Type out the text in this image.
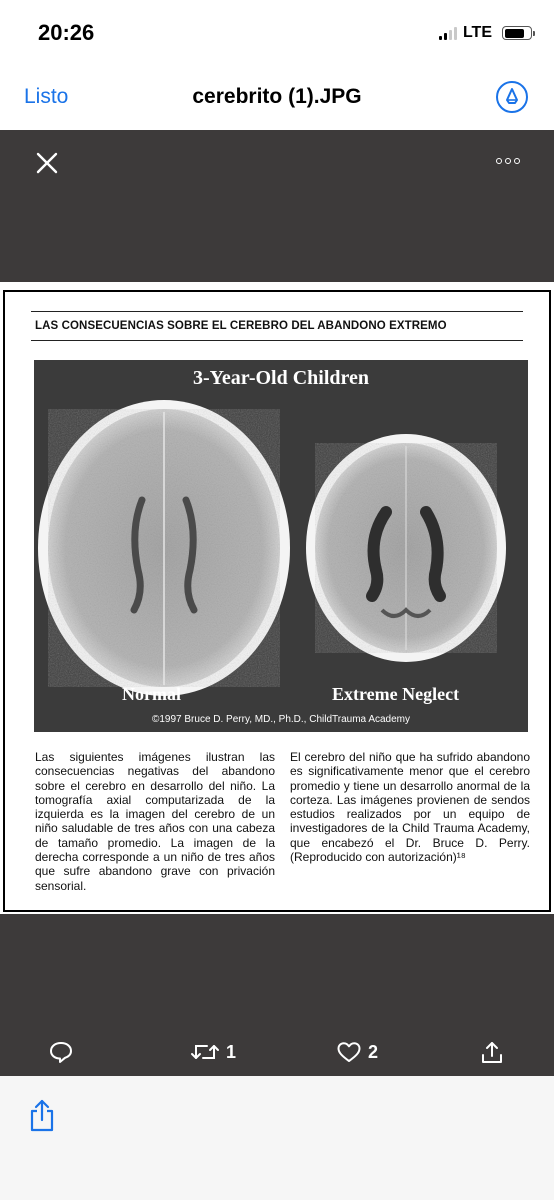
20:26	LTE
Listo	cerebrito (1).JPG
LAS CONSECUENCIAS SOBRE EL CEREBRO DEL ABANDONO EXTREMO
3-Year-Old Children
Normal	Extreme Neglect
©1997 Bruce D. Perry, MD., Ph.D., ChildTrauma Academy
Las siguientes imágenes ilustran las consecuencias negativas del abandono sobre el cerebro en desarrollo del niño. La tomografía axial computarizada de la izquierda es la imagen del cerebro de un niño saludable de tres años con una cabeza de tamaño promedio. La imagen de la derecha corresponde a un niño de tres años que sufre abandono grave con privación sensorial.
El cerebro del niño que ha sufrido abandono es significativamente menor que el cerebro promedio y tiene un desarrollo anormal de la corteza. Las imágenes provienen de sendos estudios realizados por un equipo de investigadores de la Child Trauma Academy, que encabezó el Dr. Bruce D. Perry. (Reproducido con autorización)¹⁸
1	2
